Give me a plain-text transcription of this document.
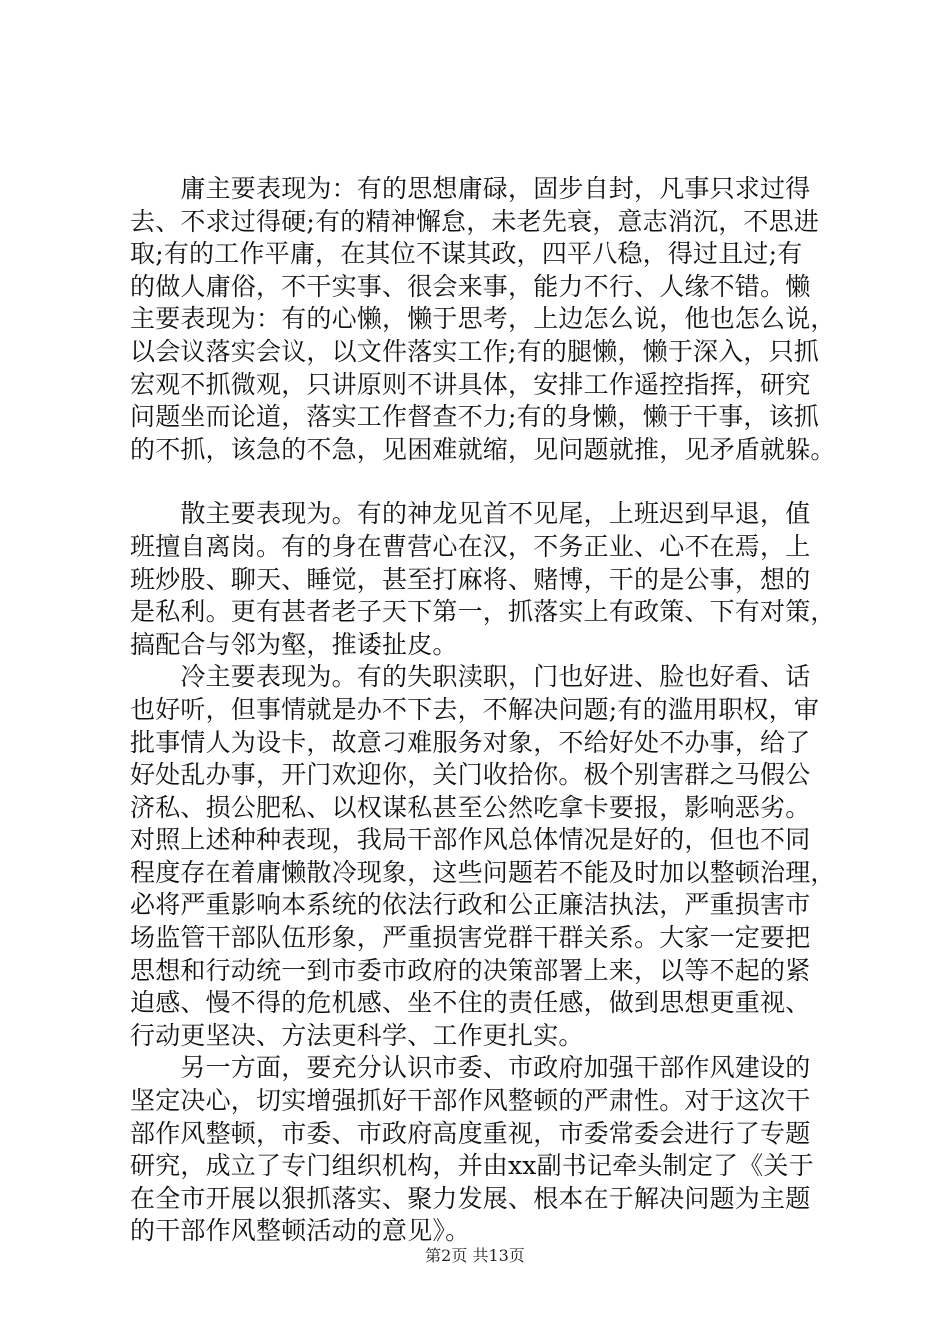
　　庸主要表现为：有的思想庸碌，固步自封，凡事只求过得
去、不求过得硬;有的精神懈怠，未老先衰，意志消沉，不思进
取;有的工作平庸，在其位不谋其政，四平八稳，得过且过;有
的做人庸俗，不干实事、很会来事，能力不行、人缘不错。懒
主要表现为：有的心懒，懒于思考，上边怎么说，他也怎么说，
以会议落实会议，以文件落实工作;有的腿懒，懒于深入，只抓
宏观不抓微观，只讲原则不讲具体，安排工作遥控指挥，研究
问题坐而论道，落实工作督查不力;有的身懒，懒于干事，该抓
的不抓，该急的不急，见困难就缩，见问题就推，见矛盾就躲。
　　散主要表现为。有的神龙见首不见尾，上班迟到早退，值
班擅自离岗。有的身在曹营心在汉，不务正业、心不在焉，上
班炒股、聊天、睡觉，甚至打麻将、赌博，干的是公事，想的
是私利。更有甚者老子天下第一，抓落实上有政策、下有对策，
搞配合与邻为壑，推诿扯皮。
　　冷主要表现为。有的失职渎职，门也好进、脸也好看、话
也好听，但事情就是办不下去，不解决问题;有的滥用职权，审
批事情人为设卡，故意刁难服务对象，不给好处不办事，给了
好处乱办事，开门欢迎你，关门收拾你。极个别害群之马假公
济私、损公肥私、以权谋私甚至公然吃拿卡要报，影响恶劣。
对照上述种种表现，我局干部作风总体情况是好的，但也不同
程度存在着庸懒散冷现象，这些问题若不能及时加以整顿治理，
必将严重影响本系统的依法行政和公正廉洁执法，严重损害市
场监管干部队伍形象，严重损害党群干群关系。大家一定要把
思想和行动统一到市委市政府的决策部署上来，以等不起的紧
迫感、慢不得的危机感、坐不住的责任感，做到思想更重视、
行动更坚决、方法更科学、工作更扎实。
　　另一方面，要充分认识市委、市政府加强干部作风建设的
坚定决心，切实增强抓好干部作风整顿的严肃性。对于这次干
部作风整顿，市委、市政府高度重视，市委常委会进行了专题
研究，成立了专门组织机构，并由xx副书记牵头制定了《关于
在全市开展以狠抓落实、聚力发展、根本在于解决问题为主题
的干部作风整顿活动的意见》。
第2页 共13页
